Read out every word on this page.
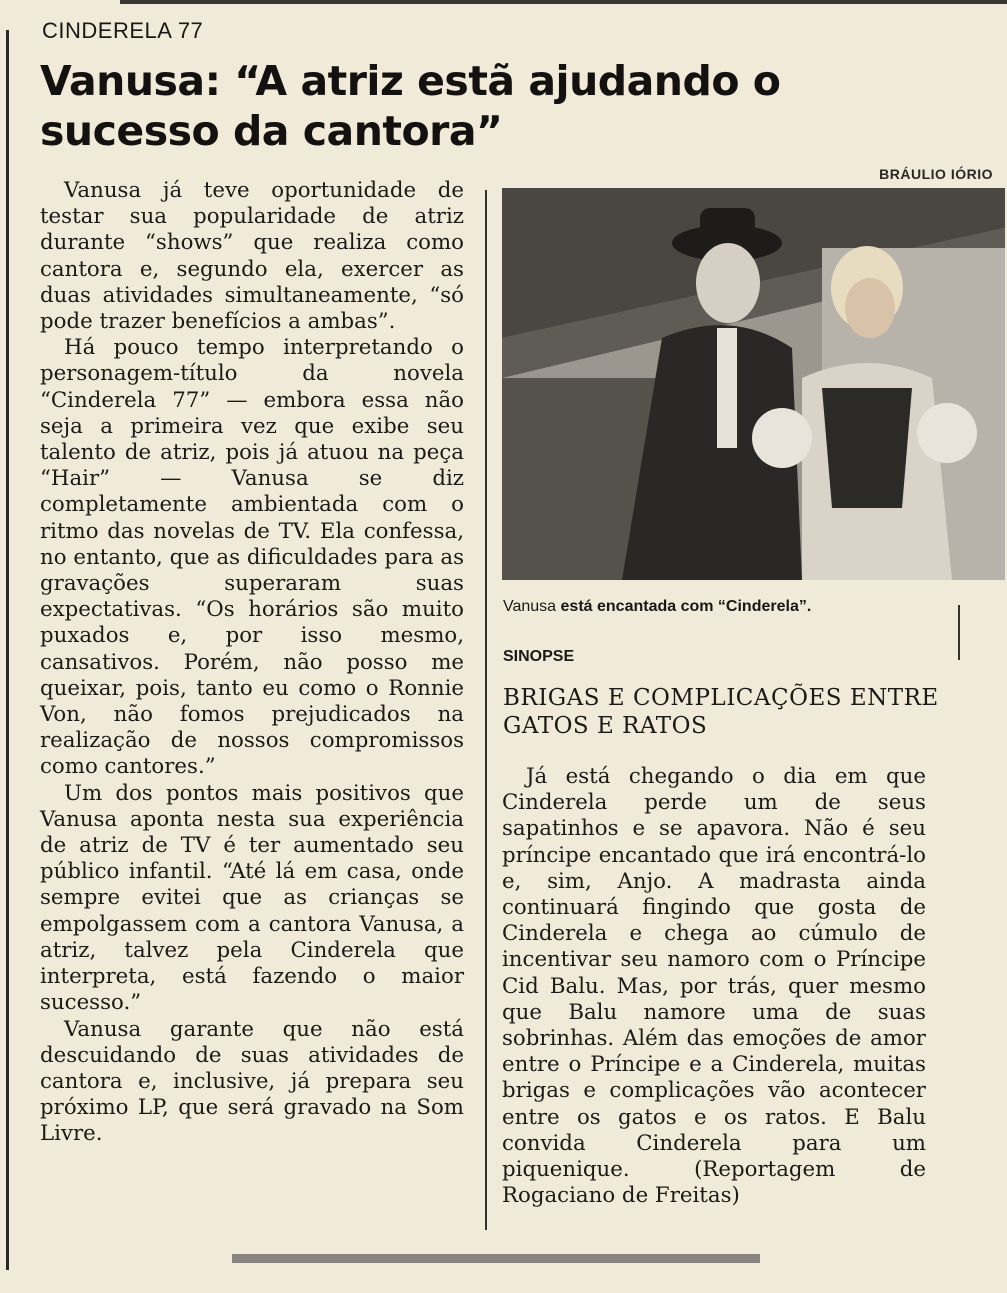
CINDERELA 77
Vanusa: “A atriz estã ajudando o sucesso da cantora”
BRÁULIO IÓRIO

Vanusa já teve oportunidade de testar sua popularidade de atriz durante “shows” que realiza como cantora e, segundo ela, exercer as duas atividades simultaneamente, “só pode trazer benefícios a ambas”.

Há pouco tempo interpretando o personagem-título da novela “Cinderela 77” — embora essa não seja a primeira vez que exibe seu talento de atriz, pois já atuou na peça “Hair” — Vanusa se diz completamente ambientada com o ritmo das novelas de TV. Ela confessa, no entanto, que as dificuldades para as gravações superaram suas expectativas. “Os horários são muito puxados e, por isso mesmo, cansativos. Porém, não posso me queixar, pois, tanto eu como o Ronnie Von, não fomos prejudicados na realização de nossos compromissos como cantores.”

Um dos pontos mais positivos que Vanusa aponta nesta sua experiência de atriz de TV é ter aumentado seu público infantil. “Até lá em casa, onde sempre evitei que as crianças se empolgassem com a cantora Vanusa, a atriz, talvez pela Cinderela que interpreta, está fazendo o maior sucesso.”

Vanusa garante que não está descuidando de suas atividades de cantora e, inclusive, já prepara seu próximo LP, que será gravado na Som Livre.

Vanusa está encantada com “Cinderela”.
SINOPSE
BRIGAS E COMPLICAÇÕES ENTRE GATOS E RATOS

Já está chegando o dia em que Cinderela perde um de seus sapatinhos e se apavora. Não é seu príncipe encantado que irá encontrá-lo e, sim, Anjo. A madrasta ainda continuará fingindo que gosta de Cinderela e chega ao cúmulo de incentivar seu namoro com o Príncipe Cid Balu. Mas, por trás, quer mesmo que Balu namore uma de suas sobrinhas. Além das emoções de amor entre o Príncipe e a Cinderela, muitas brigas e complicações vão acontecer entre os gatos e os ratos. E Balu convida Cinderela para um piquenique. (Reportagem de Rogaciano de Freitas)
